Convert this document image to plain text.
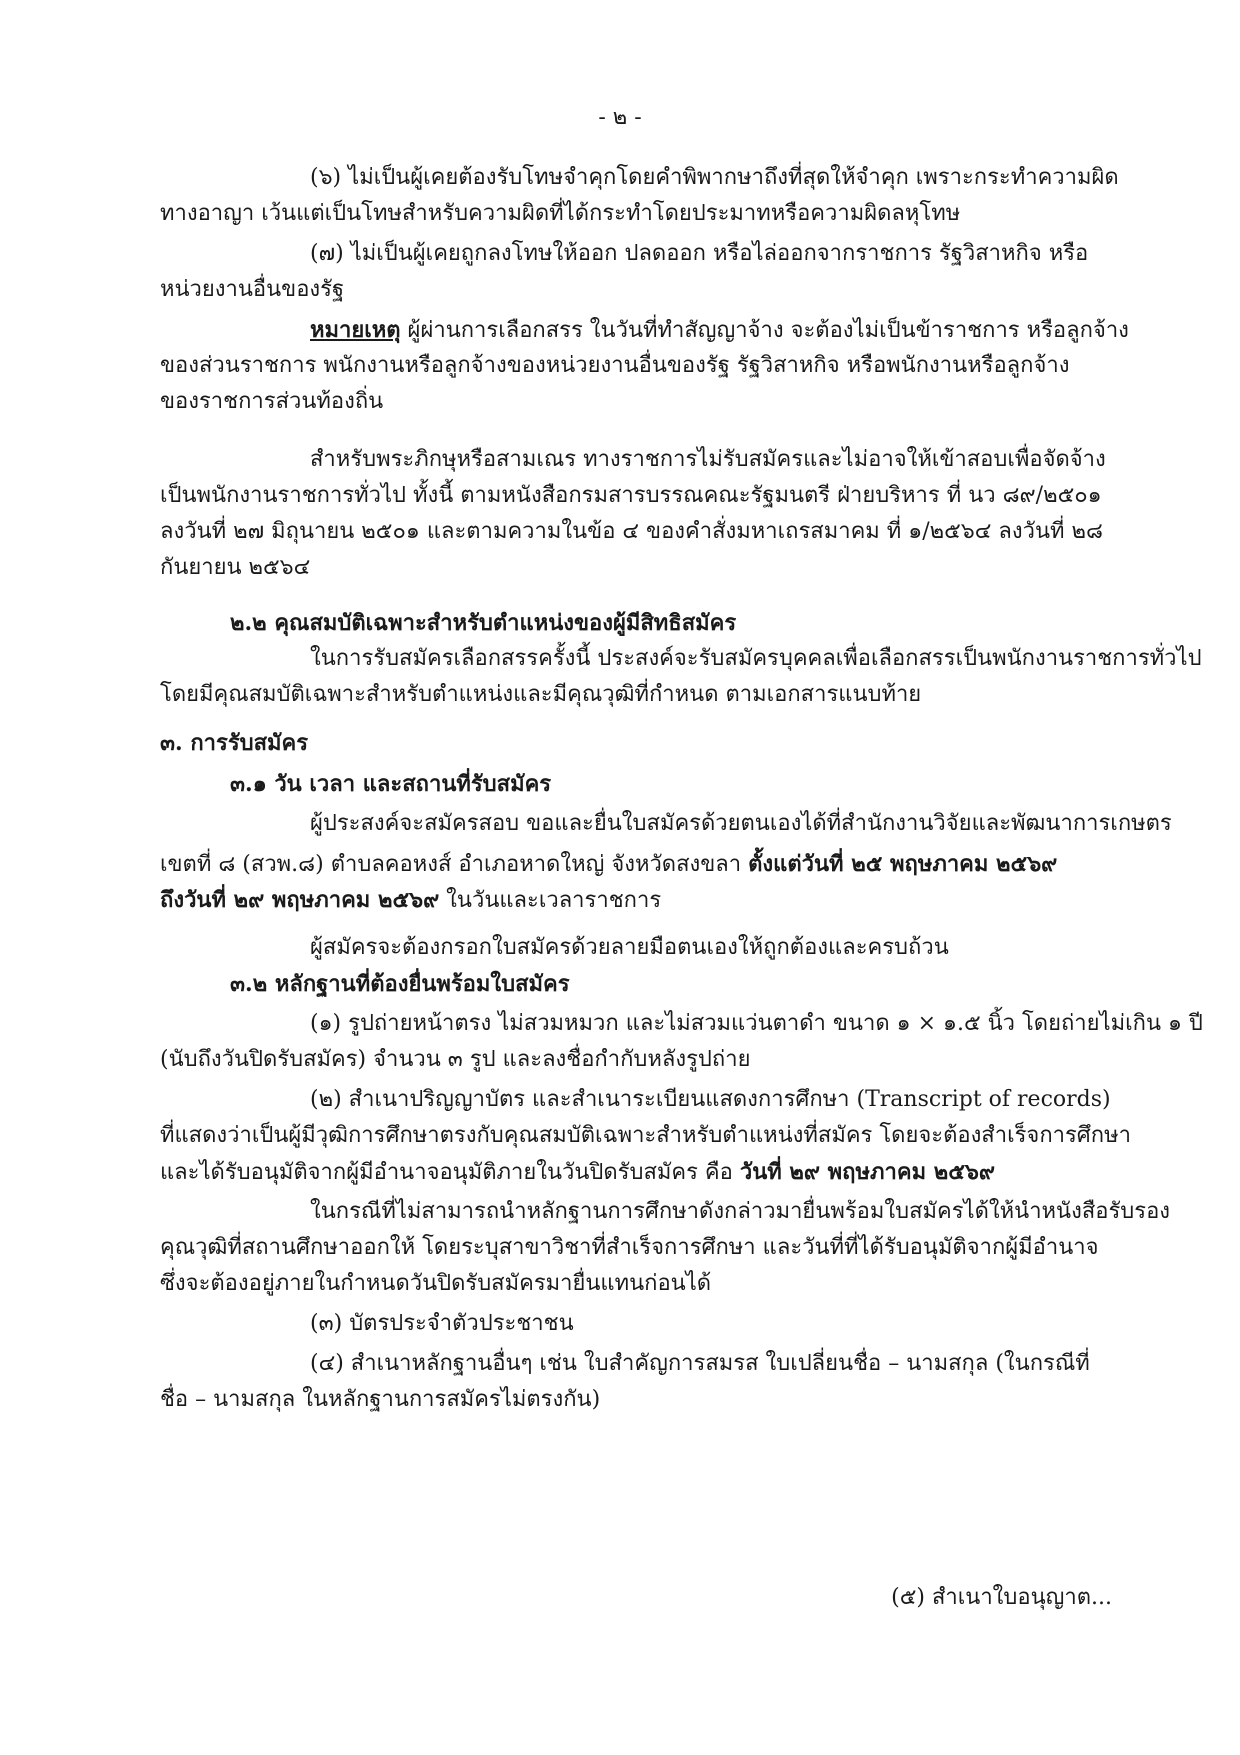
- ๒ -
(๖) ไม่เป็นผู้เคยต้องรับโทษจำคุกโดยคำพิพากษาถึงที่สุดให้จำคุก เพราะกระทำความผิด
ทางอาญา เว้นแต่เป็นโทษสำหรับความผิดที่ได้กระทำโดยประมาทหรือความผิดลหุโทษ
(๗) ไม่เป็นผู้เคยถูกลงโทษให้ออก ปลดออก หรือไล่ออกจากราชการ รัฐวิสาหกิจ หรือ
หน่วยงานอื่นของรัฐ
หมายเหตุ ผู้ผ่านการเลือกสรร ในวันที่ทำสัญญาจ้าง จะต้องไม่เป็นข้าราชการ หรือลูกจ้าง
ของส่วนราชการ พนักงานหรือลูกจ้างของหน่วยงานอื่นของรัฐ รัฐวิสาหกิจ หรือพนักงานหรือลูกจ้าง
ของราชการส่วนท้องถิ่น
สำหรับพระภิกษุหรือสามเณร ทางราชการไม่รับสมัครและไม่อาจให้เข้าสอบเพื่อจัดจ้าง
เป็นพนักงานราชการทั่วไป ทั้งนี้ ตามหนังสือกรมสารบรรณคณะรัฐมนตรี ฝ่ายบริหาร ที่ นว ๘๙/๒๕๐๑
ลงวันที่ ๒๗ มิถุนายน ๒๕๐๑ และตามความในข้อ ๔ ของคำสั่งมหาเถรสมาคม ที่ ๑/๒๕๖๔ ลงวันที่ ๒๘
กันยายน ๒๕๖๔
๒.๒ คุณสมบัติเฉพาะสำหรับตำแหน่งของผู้มีสิทธิสมัคร
ในการรับสมัครเลือกสรรครั้งนี้ ประสงค์จะรับสมัครบุคคลเพื่อเลือกสรรเป็นพนักงานราชการทั่วไป
โดยมีคุณสมบัติเฉพาะสำหรับตำแหน่งและมีคุณวุฒิที่กำหนด ตามเอกสารแนบท้าย
๓. การรับสมัคร
๓.๑ วัน เวลา และสถานที่รับสมัคร
ผู้ประสงค์จะสมัครสอบ ขอและยื่นใบสมัครด้วยตนเองได้ที่สำนักงานวิจัยและพัฒนาการเกษตร
เขตที่ ๘ (สวพ.๘) ตำบลคอหงส์ อำเภอหาดใหญ่ จังหวัดสงขลา ตั้งแต่วันที่ ๒๕ พฤษภาคม ๒๕๖๙
ถึงวันที่ ๒๙ พฤษภาคม ๒๕๖๙ ในวันและเวลาราชการ
ผู้สมัครจะต้องกรอกใบสมัครด้วยลายมือตนเองให้ถูกต้องและครบถ้วน
๓.๒ หลักฐานที่ต้องยื่นพร้อมใบสมัคร
(๑) รูปถ่ายหน้าตรง ไม่สวมหมวก และไม่สวมแว่นตาดำ ขนาด ๑ × ๑.๕ นิ้ว โดยถ่ายไม่เกิน ๑ ปี
(นับถึงวันปิดรับสมัคร) จำนวน ๓ รูป และลงชื่อกำกับหลังรูปถ่าย
(๒) สำเนาปริญญาบัตร และสำเนาระเบียนแสดงการศึกษา (Transcript of records)
ที่แสดงว่าเป็นผู้มีวุฒิการศึกษาตรงกับคุณสมบัติเฉพาะสำหรับตำแหน่งที่สมัคร โดยจะต้องสำเร็จการศึกษา
และได้รับอนุมัติจากผู้มีอำนาจอนุมัติภายในวันปิดรับสมัคร คือ วันที่ ๒๙ พฤษภาคม ๒๕๖๙
ในกรณีที่ไม่สามารถนำหลักฐานการศึกษาดังกล่าวมายื่นพร้อมใบสมัครได้ให้นำหนังสือรับรอง
คุณวุฒิที่สถานศึกษาออกให้ โดยระบุสาขาวิชาที่สำเร็จการศึกษา และวันที่ที่ได้รับอนุมัติจากผู้มีอำนาจ
ซึ่งจะต้องอยู่ภายในกำหนดวันปิดรับสมัครมายื่นแทนก่อนได้
(๓) บัตรประจำตัวประชาชน
(๔) สำเนาหลักฐานอื่นๆ เช่น ใบสำคัญการสมรส ใบเปลี่ยนชื่อ – นามสกุล (ในกรณีที่
ชื่อ – นามสกุล ในหลักฐานการสมัครไม่ตรงกัน)
(๕) สำเนาใบอนุญาต...
